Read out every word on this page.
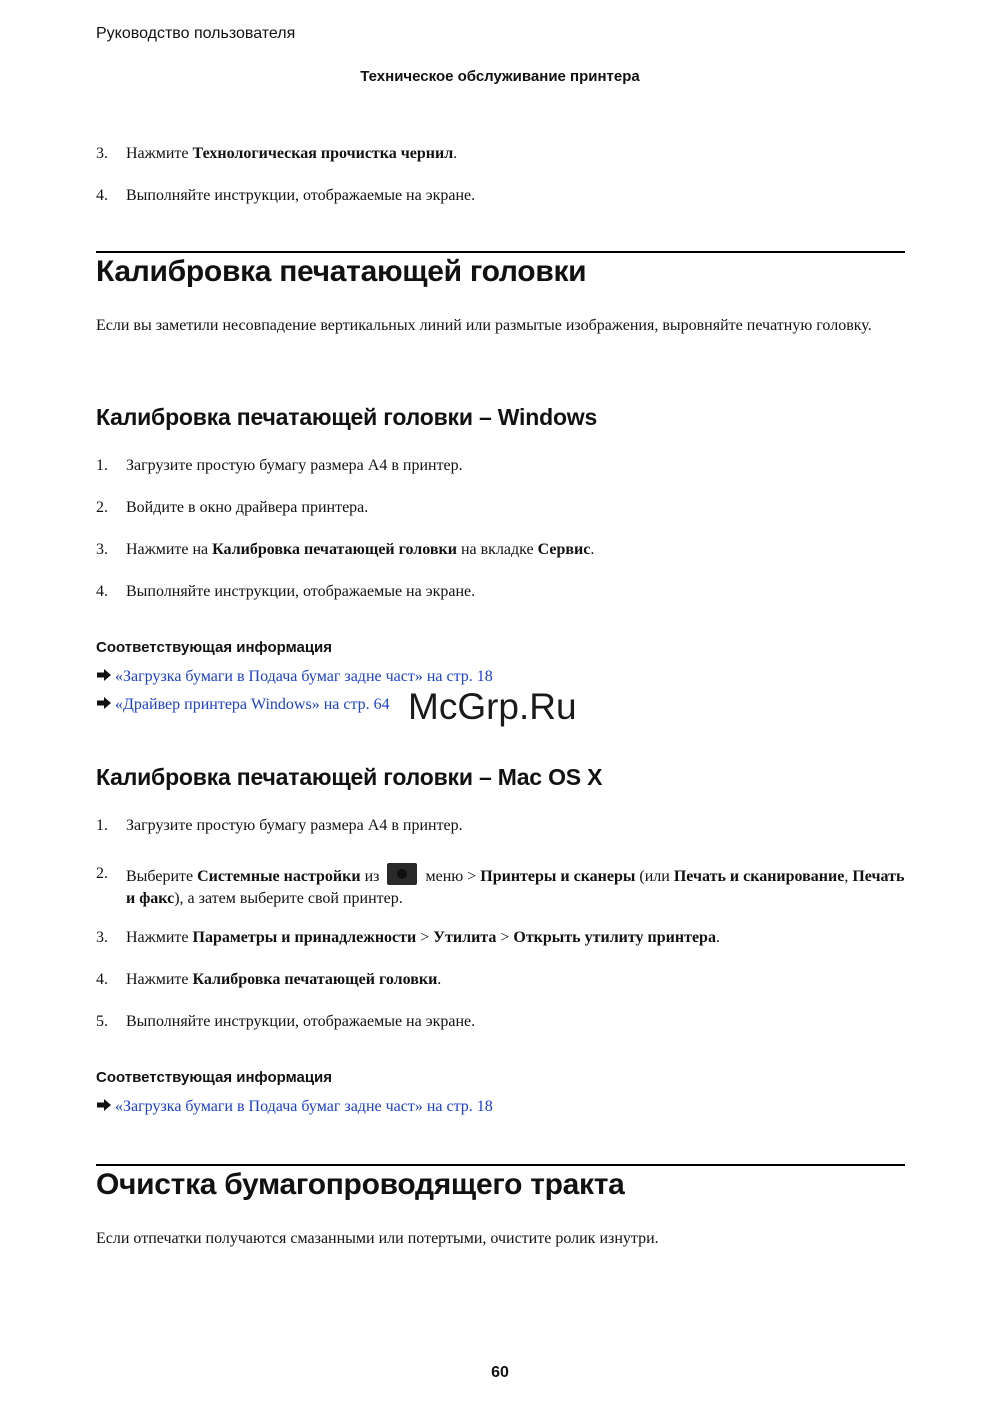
Руководство пользователя
Техническое обслуживание принтера
3. Нажмите Технологическая прочистка чернил.
4. Выполняйте инструкции, отображаемые на экране.
Калибровка печатающей головки
Если вы заметили несовпадение вертикальных линий или размытые изображения, выровняйте печатную головку.
Калибровка печатающей головки – Windows
1. Загрузите простую бумагу размера A4 в принтер.
2. Войдите в окно драйвера принтера.
3. Нажмите на Калибровка печатающей головки на вкладке Сервис.
4. Выполняйте инструкции, отображаемые на экране.
Соответствующая информация
«Загрузка бумаги в Подача бумаг задне част» на стр. 18
«Драйвер принтера Windows» на стр. 64 McGrp.Ru
Калибровка печатающей головки – Mac OS X
1. Загрузите простую бумагу размера A4 в принтер.
2. Выберите Системные настройки из  меню > Принтеры и сканеры (или Печать и сканирование, Печать и факс), а затем выберите свой принтер.
3. Нажмите Параметры и принадлежности > Утилита > Открыть утилиту принтера.
4. Нажмите Калибровка печатающей головки.
5. Выполняйте инструкции, отображаемые на экране.
Соответствующая информация
«Загрузка бумаги в Подача бумаг задне част» на стр. 18
Очистка бумагопроводящего тракта
Если отпечатки получаются смазанными или потертыми, очистите ролик изнутри.
60
